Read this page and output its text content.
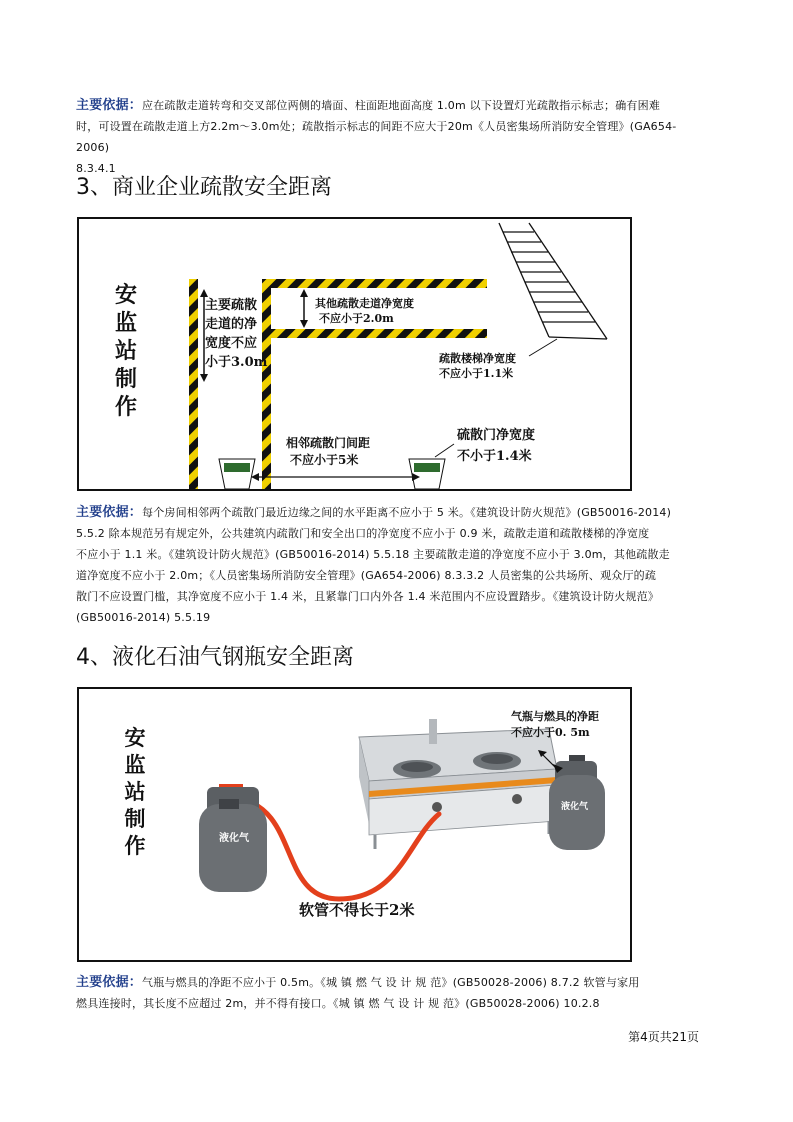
主要依据：应在疏散走道转弯和交叉部位两侧的墙面、柱面距地面高度 1.0m 以下设置灯光疏散指示标志；确有困难
时，可设置在疏散走道上方2.2m～3.0m处；疏散指示标志的间距不应大于20m《人员密集场所消防安全管理》(GA654-2006)
8.3.4.1
3、商业企业疏散安全距离
安
监
站
制
作
主要疏散
走道的净
宽度不应
小于3.0m
其他疏散走道净宽度
不应小于2.0m
疏散楼梯净宽度
不应小于1.1米
相邻疏散门间距
不应小于5米
硫散门净宽度
不小于1.4米
主要依据：每个房间相邻两个疏散门最近边缘之间的水平距离不应小于 5 米。《建筑设计防火规范》(GB50016-2014)
5.5.2 除本规范另有规定外，公共建筑内疏散门和安全出口的净宽度不应小于 0.9 米，疏散走道和疏散楼梯的净宽度
不应小于 1.1 米。《建筑设计防火规范》(GB50016-2014) 5.5.18 主要疏散走道的净宽度不应小于 3.0m，其他疏散走
道净宽度不应小于 2.0m；《人员密集场所消防安全管理》(GA654-2006) 8.3.3.2 人员密集的公共场所、观众厅的疏
散门不应设置门槛，其净宽度不应小于 1.4 米，且紧靠门口内外各 1.4 米范围内不应设置踏步。《建筑设计防火规范》
(GB50016-2014) 5.5.19
4、液化石油气钢瓶安全距离
安
监
站
制
作
气瓶与燃具的净距
不应小于0. 5m
软管不得长于2米
液化气
液化气
主要依据：气瓶与燃具的净距不应小于 0.5m。《城 镇 燃 气 设 计 规 范》(GB50028-2006) 8.7.2 软管与家用
燃具连接时，其长度不应超过 2m，并不得有接口。《城 镇 燃 气 设 计 规 范》(GB50028-2006) 10.2.8
第4页共21页
